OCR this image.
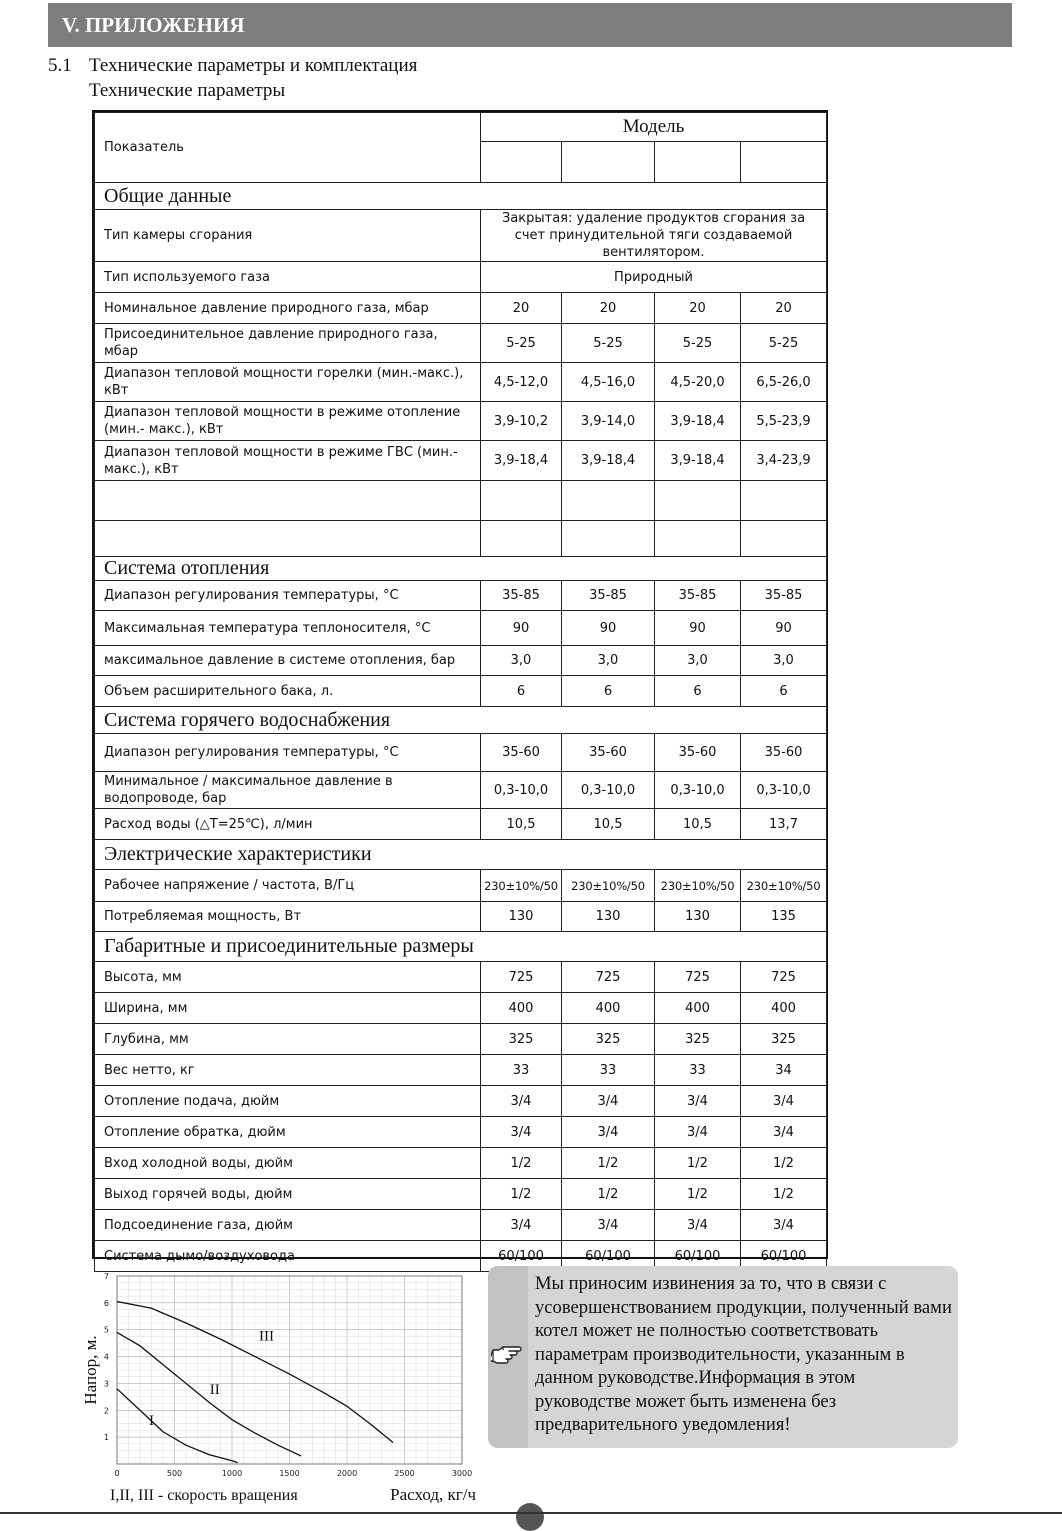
V. ПРИЛОЖЕНИЯ
5.1 Технические параметры и комплектация
Технические параметры
Показатель	Модель			

Общие данные				
Тип камеры сгорания	Закрытая: удаление продуктов сгорания за счет принудительной тяги создаваемой вентилятором.			
Тип используемого газа	Природный			
Номинальное давление природного газа, мбар	20	20	20	20
Присоединительное давление природного газа, мбар	5-25	5-25	5-25	5-25
Диапазон тепловой мощности горелки (мин.-макс.), кВт	4,5-12,0	4,5-16,0	4,5-20,0	6,5-26,0
Диапазон тепловой мощности в режиме отопление (мин.- макс.), кВт	3,9-10,2	3,9-14,0	3,9-18,4	5,5-23,9
Диапазон тепловой мощности в режиме ГВС (мин.- макс.), кВт	3,9-18,4	3,9-18,4	3,9-18,4	3,4-23,9

Система отопления				
Диапазон регулирования температуры, °С	35-85	35-85	35-85	35-85
Максимальная температура теплоносителя, °С	90	90	90	90
максимальное давление в системе отопления, бар	3,0	3,0	3,0	3,0
Объем расширительного бака, л.	6	6	6	6
Система горячего водоснабжения				
Диапазон регулирования температуры, °С	35-60	35-60	35-60	35-60
Минимальное / максимальное давление в водопроводе, бар	0,3-10,0	0,3-10,0	0,3-10,0	0,3-10,0
Расход воды (△T=25℃), л/мин	10,5	10,5	10,5	13,7
Электрические характеристики				
Рабочее напряжение / частота, В/Гц	230±10%/50	230±10%/50	230±10%/50	230±10%/50
Потребляемая мощность, Вт	130	130	130	135
Габаритные и присоединительные размеры				
Высота, мм	725	725	725	725
Ширина, мм	400	400	400	400
Глубина, мм	325	325	325	325
Вес нетто, кг	33	33	33	34
Отопление подача, дюйм	3/4	3/4	3/4	3/4
Отопление обратка, дюйм	3/4	3/4	3/4	3/4
Вход холодной воды, дюйм	1/2	1/2	1/2	1/2
Выход горячей воды, дюйм	1/2	1/2	1/2	1/2
Подсоединение газа, дюйм	3/4	3/4	3/4	3/4
Система дымо/воздуховода	60/100	60/100	60/100	60/100
0	500	1000	1500	2000	2500	3000
1
2
3
4
5
6
7
I
II
III
Напор, м.
I,II, III - скорость вращения	Расход, кг/ч
Мы приносим извинения за то, что в связи с усовершенствованием продукции, полученный вами котел может не полностью соответствовать параметрам производительности, указанным в данном руководстве.Информация в этом руководстве может быть изменена без предварительного уведомления!
